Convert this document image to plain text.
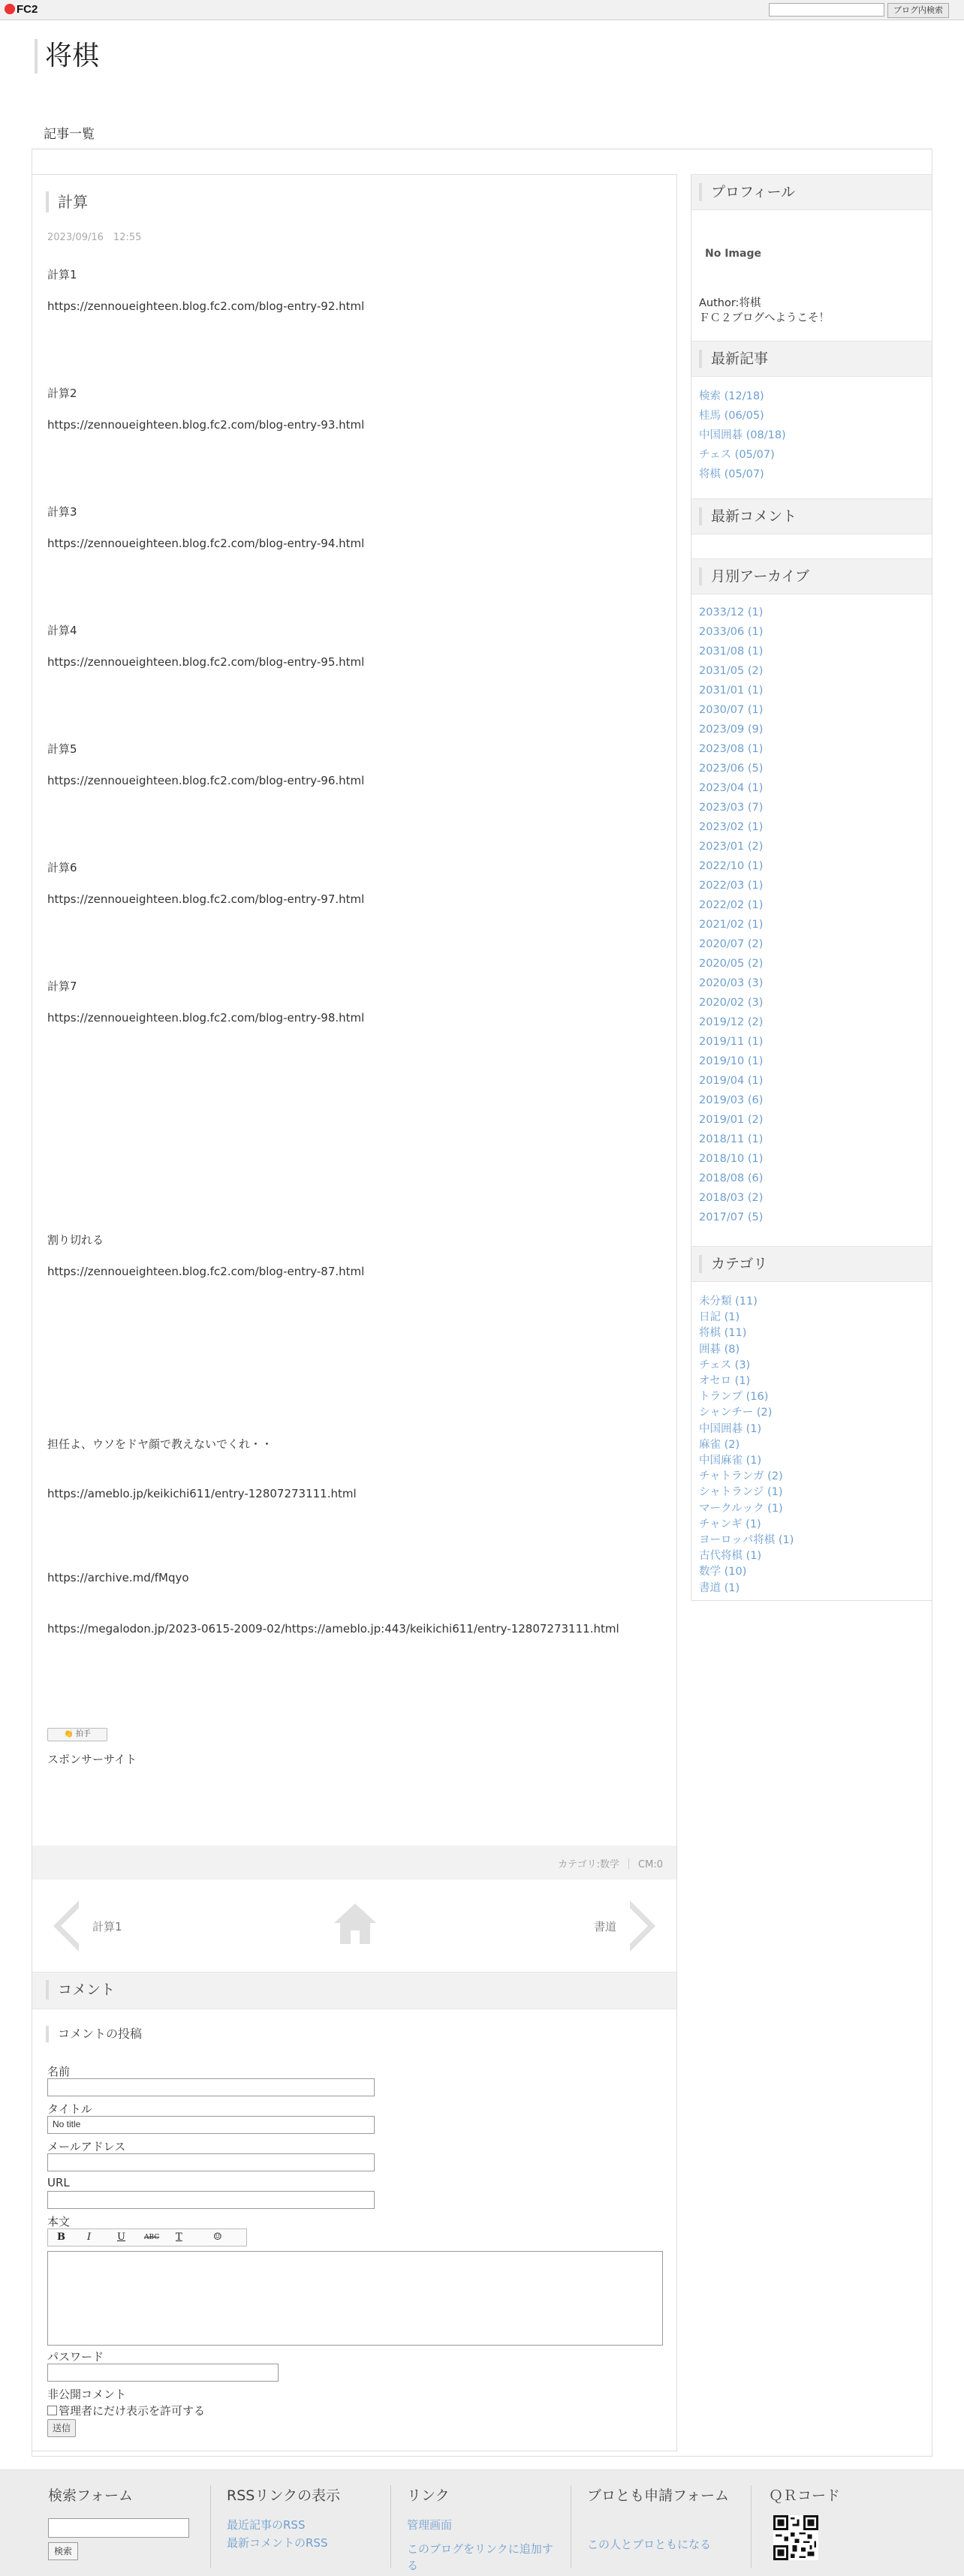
FC2	ブログ内検索
将棋
記事一覧
計算
2023/09/16　12:55
計算1
https://zennoueighteen.blog.fc2.com/blog-entry-92.html
計算2
https://zennoueighteen.blog.fc2.com/blog-entry-93.html
計算3
https://zennoueighteen.blog.fc2.com/blog-entry-94.html
計算4
https://zennoueighteen.blog.fc2.com/blog-entry-95.html
計算5
https://zennoueighteen.blog.fc2.com/blog-entry-96.html
計算6
https://zennoueighteen.blog.fc2.com/blog-entry-97.html
計算7
https://zennoueighteen.blog.fc2.com/blog-entry-98.html
割り切れる
https://zennoueighteen.blog.fc2.com/blog-entry-87.html
担任よ、ウソをドヤ顔で教えないでくれ・・
https://ameblo.jp/keikichi611/entry-12807273111.html
https://archive.md/fMqyo
https://megalodon.jp/2023-0615-2009-02/https://ameblo.jp:443/keikichi611/entry-12807273111.html
👏 拍手
スポンサーサイト
カテゴリ:数学 CM:0
計算1	書道
コメント
コメントの投稿
名前
タイトル
No title
メールアドレス
URL
本文
B I	U	ABC T	☺
パスワード
非公開コメント
管理者にだけ表示を許可する
送信
プロフィール
No Image
Author:将棋
ＦＣ２ブログへようこそ！
最新記事
検索 (12/18)
桂馬 (06/05)
中国囲碁 (08/18)
チェス (05/07)
将棋 (05/07)
最新コメント
月別アーカイブ
2033/12 (1)
2033/06 (1)
2031/08 (1)
2031/05 (2)
2031/01 (1)
2030/07 (1)
2023/09 (9)
2023/08 (1)
2023/06 (5)
2023/04 (1)
2023/03 (7)
2023/02 (1)
2023/01 (2)
2022/10 (1)
2022/03 (1)
2022/02 (1)
2021/02 (1)
2020/07 (2)
2020/05 (2)
2020/03 (3)
2020/02 (3)
2019/12 (2)
2019/11 (1)
2019/10 (1)
2019/04 (1)
2019/03 (6)
2019/01 (2)
2018/11 (1)
2018/10 (1)
2018/08 (6)
2018/03 (2)
2017/07 (5)
カテゴリ
未分類 (11)
日記 (1)
将棋 (11)
囲碁 (8)
チェス (3)
オセロ (1)
トランプ (16)
シャンチー (2)
中国囲碁 (1)
麻雀 (2)
中国麻雀 (1)
チャトランガ (2)
シャトランジ (1)
マークルック (1)
チャンギ (1)
ヨーロッパ将棋 (1)
古代将棋 (1)
数学 (10)
書道 (1)
検索フォーム
検索
RSSリンクの表示
最近記事のRSS
最新コメントのRSS
リンク
管理画面
このブログをリンクに追加する
ブロとも申請フォーム
この人とブロともになる
ＱＲコード
